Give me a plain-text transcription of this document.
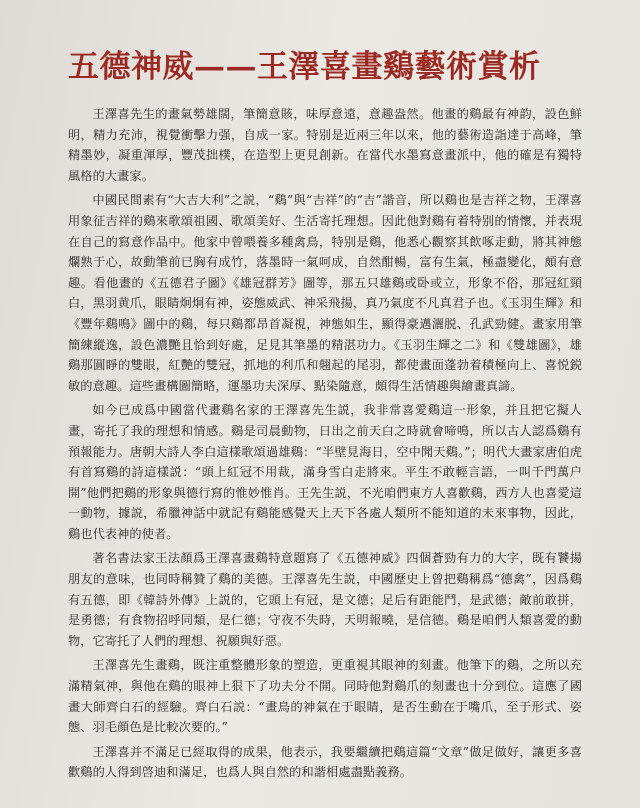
五德神威——王澤喜畫鷄藝術賞析

王澤喜先生的畫氣勢雄闊，筆簡意賅，味厚意遠，意趣盎然。他畫的鷄最有神韵，設色鮮明，精力充沛，視覺衝擊力强，自成一家。特别是近兩三年以來，他的藝術造詣達于高峰，筆精墨妙，凝重渾厚，豐茂拙樸，在造型上更見創新。在當代水墨寫意畫派中，他的確是有獨特風格的大畫家。

中國民間素有“大吉大利”之説，“鷄”與“吉祥”的“吉”諧音，所以鷄也是吉祥之物，王澤喜用象征吉祥的鷄來歌頌祖國、歌頌美好、生活寄托理想。因此他對鷄有着特别的情懷，并表現在自己的寫意作品中。他家中曾喂養多種禽鳥，特别是鷄，他悉心觀察其飲啄走動，將其神態爛熟于心，故動筆前已胸有成竹，落墨時一氣呵成，自然酣暢，富有生氣，極盡變化，頗有意趣。看他畫的《五德君子圖》《雄冠群芳》圖等，那五只雄鷄或卧或立，形象不俗，那冠紅頸白，黑羽黄爪，眼睛炯炯有神，姿態威武、神采飛揚，真乃氣度不凡真君子也。《玉羽生輝》和《豐年鷄鳴》圖中的鷄，每只鷄都昂首凝視，神態如生，顯得豪邁灑脱、孔武勁健。畫家用筆簡練縱逸，設色濃艷且恰到好處，足見其筆墨的精湛功力。《玉羽生輝之二》和《雙雄圖》，雄鷄那圓睜的雙眼，紅艷的雙冠，抓地的利爪和翹起的尾羽，都使畫面蓬勃着積極向上、喜悦鋭敏的意趣。這些畫構圖簡略，運墨功夫深厚、點染隨意，頗得生活情趣與繪畫真諦。

如今已成爲中國當代畫鷄名家的王澤喜先生説，我非常喜愛鷄這一形象，并且把它擬人畫，寄托了我的理想和情感。鷄是司晨動物，日出之前天白之時就會啼鳴，所以古人認爲鷄有預報能力。唐朝大詩人李白這樣歌頌過雄鷄：“半壁見海日，空中聞天鷄。”；明代大畫家唐伯虎有首寫鷄的詩這樣説：“頭上紅冠不用裁，滿身雪白走將來。平生不敢輕言語，一叫千門萬户開”他們把鷄的形象與德行寫的惟妙惟肖。王先生説，不光咱們東方人喜歡鷄，西方人也喜愛這一動物，據説，希臘神話中就記有鷄能感覺天上天下各處人類所不能知道的未來事物，因此，鷄也代表神的使者。

著名書法家王法顏爲王澤喜畫鷄特意題寫了《五德神威》四個蒼勁有力的大字，既有饕揚朋友的意味，也同時稱贊了鷄的美德。王澤喜先生説，中國歷史上曾把鷄稱爲“德禽”，因爲鷄有五德，即《韓詩外傳》上説的，它頭上有冠，是文德；足后有距能鬥，是武德；敵前敢拼，是勇德；有食物招呼同類，是仁德；守夜不失時，天明報曉，是信德。鷄是咱們人類喜愛的動物，它寄托了人們的理想、祝願與好惡。

王澤喜先生畫鷄，既注重整體形象的塑造，更重視其眼神的刻畫。他筆下的鷄，之所以充滿精氣神，與他在鷄的眼神上狠下了功夫分不開。同時他對鷄爪的刻畫也十分到位。這應了國畫大師齊白石的經驗。齊白石説：“畫鳥的神氣在于眼睛，是否生動在于嘴爪，至于形式、姿態、羽毛顔色是比較次要的。”

王澤喜并不滿足已經取得的成果，他表示，我要繼續把鷄這篇“文章”做足做好，讓更多喜歡鷄的人得到啓迪和滿足，也爲人與自然的和諧相處盡點義務。
